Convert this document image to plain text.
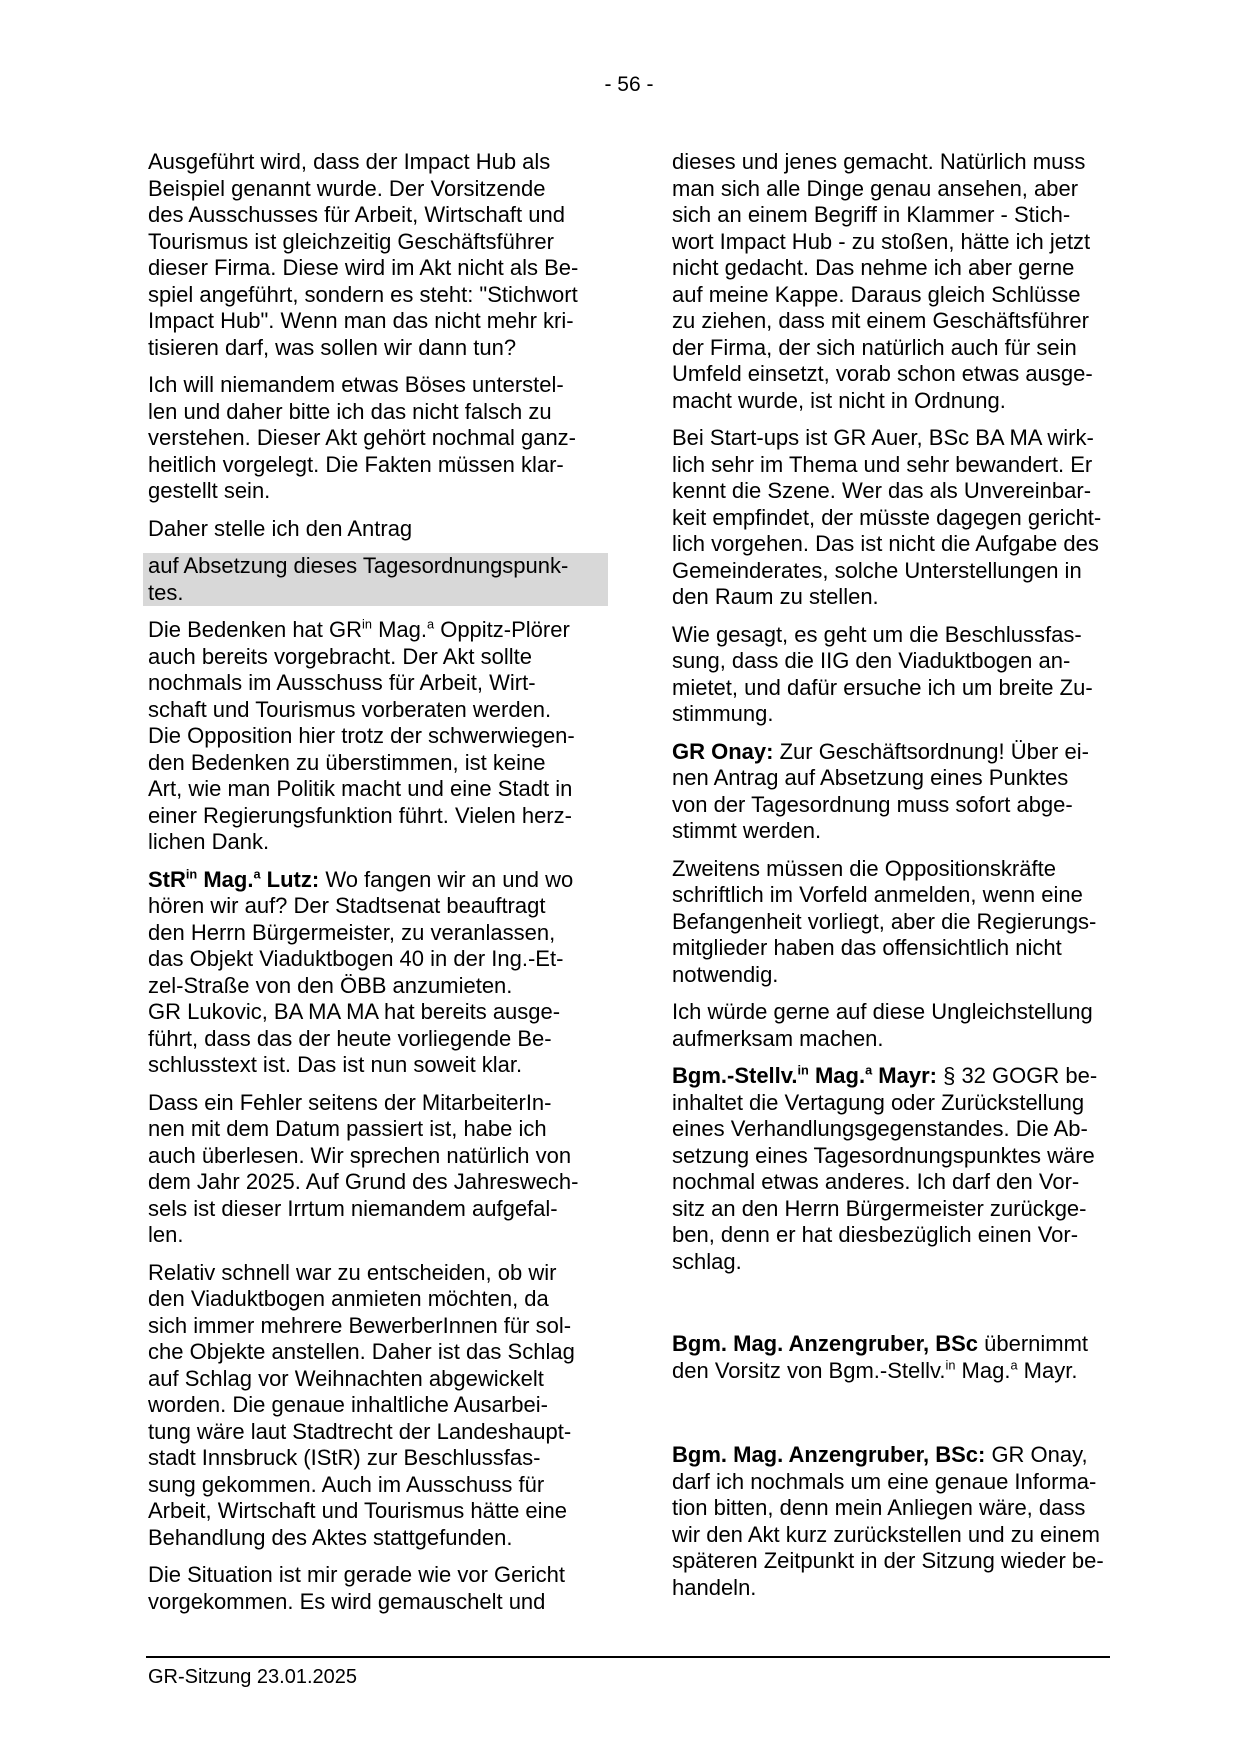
- 56 -
Ausgeführt wird, dass der Impact Hub als
Beispiel genannt wurde. Der Vorsitzende
des Ausschusses für Arbeit, Wirtschaft und
Tourismus ist gleichzeitig Geschäftsführer
dieser Firma. Diese wird im Akt nicht als Be-
spiel angeführt, sondern es steht: "Stichwort
Impact Hub". Wenn man das nicht mehr kri-
tisieren darf, was sollen wir dann tun?
Ich will niemandem etwas Böses unterstel-
len und daher bitte ich das nicht falsch zu
verstehen. Dieser Akt gehört nochmal ganz-
heitlich vorgelegt. Die Fakten müssen klar-
gestellt sein.
Daher stelle ich den Antrag
auf Absetzung dieses Tagesordnungspunk-
tes.
Die Bedenken hat $GR^{in}$ Mag.$^a$ Oppitz-Plörer
auch bereits vorgebracht. Der Akt sollte
nochmals im Ausschuss für Arbeit, Wirt-
schaft und Tourismus vorberaten werden.
Die Opposition hier trotz der schwerwiegen-
den Bedenken zu überstimmen, ist keine
Art, wie man Politik macht und eine Stadt in
einer Regierungsfunktion führt. Vielen herz-
lichen Dank.
StR$^{in}$ Mag.$^a$ Lutz: Wo fangen wir an und wo
hören wir auf? Der Stadtsenat beauftragt
den Herrn Bürgermeister, zu veranlassen,
das Objekt Viaduktbogen 40 in der Ing.-Et-
zel-Straße von den ÖBB anzumieten.
GR Lukovic, BA MA MA hat bereits ausge-
führt, dass das der heute vorliegende Be-
schlusstext ist. Das ist nun soweit klar.
Dass ein Fehler seitens der MitarbeiterIn-
nen mit dem Datum passiert ist, habe ich
auch überlesen. Wir sprechen natürlich von
dem Jahr 2025. Auf Grund des Jahreswech-
sels ist dieser Irrtum niemandem aufgefal-
len.
Relativ schnell war zu entscheiden, ob wir
den Viaduktbogen anmieten möchten, da
sich immer mehrere BewerberInnen für sol-
che Objekte anstellen. Daher ist das Schlag
auf Schlag vor Weihnachten abgewickelt
worden. Die genaue inhaltliche Ausarbei-
tung wäre laut Stadtrecht der Landeshaupt-
stadt Innsbruck (IStR) zur Beschlussfas-
sung gekommen. Auch im Ausschuss für
Arbeit, Wirtschaft und Tourismus hätte eine
Behandlung des Aktes stattgefunden.
Die Situation ist mir gerade wie vor Gericht
vorgekommen. Es wird gemauschelt und
dieses und jenes gemacht. Natürlich muss
man sich alle Dinge genau ansehen, aber
sich an einem Begriff in Klammer - Stich-
wort Impact Hub - zu stoßen, hätte ich jetzt
nicht gedacht. Das nehme ich aber gerne
auf meine Kappe. Daraus gleich Schlüsse
zu ziehen, dass mit einem Geschäftsführer
der Firma, der sich natürlich auch für sein
Umfeld einsetzt, vorab schon etwas ausge-
macht wurde, ist nicht in Ordnung.
Bei Start-ups ist GR Auer, BSc BA MA wirk-
lich sehr im Thema und sehr bewandert. Er
kennt die Szene. Wer das als Unvereinbar-
keit empfindet, der müsste dagegen gericht-
lich vorgehen. Das ist nicht die Aufgabe des
Gemeinderates, solche Unterstellungen in
den Raum zu stellen.
Wie gesagt, es geht um die Beschlussfas-
sung, dass die IIG den Viaduktbogen an-
mietet, und dafür ersuche ich um breite Zu-
stimmung.
GR Onay: Zur Geschäftsordnung! Über ei-
nen Antrag auf Absetzung eines Punktes
von der Tagesordnung muss sofort abge-
stimmt werden.
Zweitens müssen die Oppositionskräfte
schriftlich im Vorfeld anmelden, wenn eine
Befangenheit vorliegt, aber die Regierungs-
mitglieder haben das offensichtlich nicht
notwendig.
Ich würde gerne auf diese Ungleichstellung
aufmerksam machen.
Bgm.-Stellv.$^{in}$ Mag.$^a$ Mayr: § 32 GOGR be-
inhaltet die Vertagung oder Zurückstellung
eines Verhandlungsgegenstandes. Die Ab-
setzung eines Tagesordnungspunktes wäre
nochmal etwas anderes. Ich darf den Vor-
sitz an den Herrn Bürgermeister zurückge-
ben, denn er hat diesbezüglich einen Vor-
schlag.
Bgm. Mag. Anzengruber, BSc übernimmt
den Vorsitz von Bgm.-Stellv.$^{in}$ Mag.$^a$ Mayr.
Bgm. Mag. Anzengruber, BSc: GR Onay,
darf ich nochmals um eine genaue Informa-
tion bitten, denn mein Anliegen wäre, dass
wir den Akt kurz zurückstellen und zu einem
späteren Zeitpunkt in der Sitzung wieder be-
handeln.
GR-Sitzung 23.01.2025
